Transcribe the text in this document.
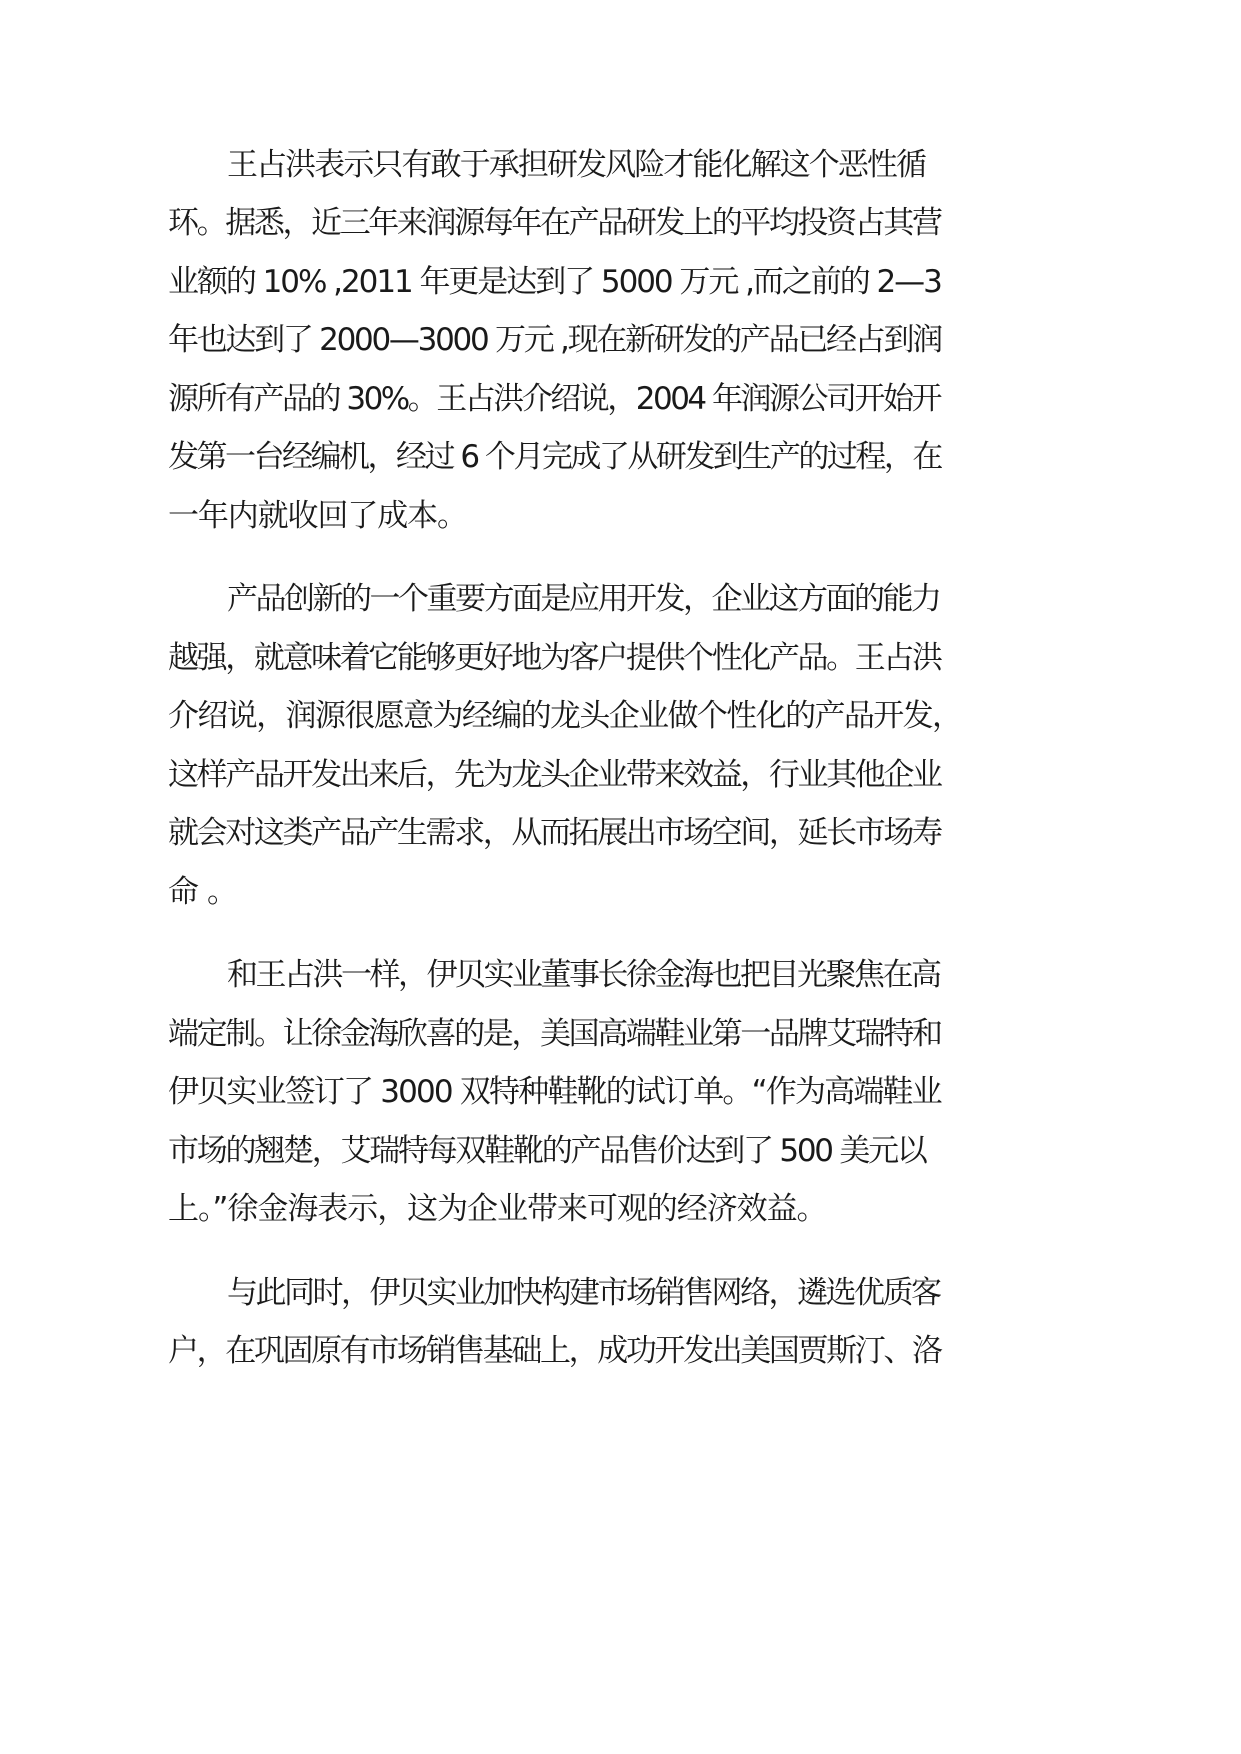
王占洪表示只有敢于承担研发风险才能化解这个恶性循

环。据悉，近三年来润源每年在产品研发上的平均投资占其营

业额的 10% ,2011 年更是达到了 5000 万元 ,而之前的 2—3

年也达到了 2000—3000 万元 ,现在新研发的产品已经占到润

源所有产品的 30%。王占洪介绍说，2004 年润源公司开始开

发第一台经编机，经过 6 个月完成了从研发到生产的过程，在

一年内就收回了成本。

产品创新的一个重要方面是应用开发，企业这方面的能力

越强，就意味着它能够更好地为客户提供个性化产品。王占洪

介绍说，润源很愿意为经编的龙头企业做个性化的产品开发，

这样产品开发出来后，先为龙头企业带来效益，行业其他企业

就会对这类产品产生需求，从而拓展出市场空间，延长市场寿

命。

和王占洪一样，伊贝实业董事长徐金海也把目光聚焦在高

端定制。让徐金海欣喜的是，美国高端鞋业第一品牌艾瑞特和

伊贝实业签订了 3000 双特种鞋靴的试订单。“作为高端鞋业

市场的翘楚，艾瑞特每双鞋靴的产品售价达到了 500 美元以

上。”徐金海表示，这为企业带来可观的经济效益。

与此同时，伊贝实业加快构建市场销售网络，遴选优质客

户，在巩固原有市场销售基础上，成功开发出美国贾斯汀、洛
